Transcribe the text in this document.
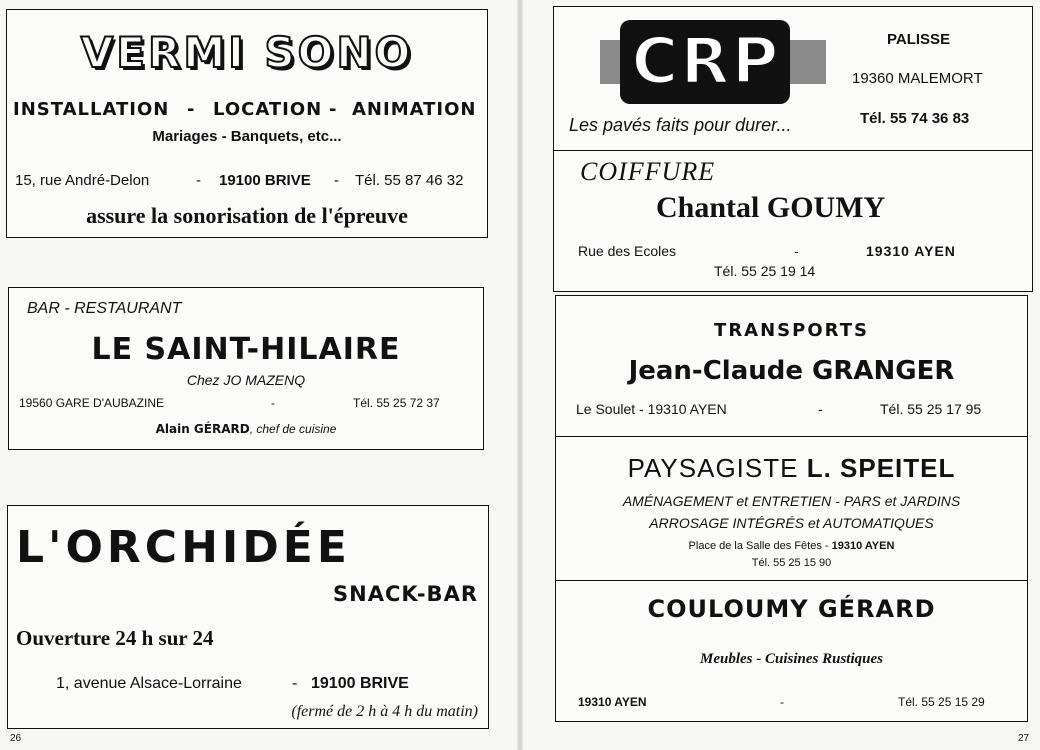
VERMI SONO
INSTALLATION - LOCATION - ANIMATION
Mariages - Banquets, etc...
15, rue André-Delon	- 19100 BRIVE - Tél. 55 87 46 32
assure la sonorisation de l'épreuve
BAR - RESTAURANT
LE SAINT-HILAIRE
Chez JO MAZENQ
19560 GARE D'AUBAZINE	-	Tél. 55 25 72 37
Alain GÉRARD, chef de cuisine
L'ORCHIDÉE
SNACK-BAR
Ouverture 24 h sur 24
1, avenue Alsace-Lorraine	- 19100 BRIVE
(fermé de 2 h à 4 h du matin)
CRP
Les pavés faits pour durer...
PALISSE
19360 MALEMORT
Tél. 55 74 36 83
COIFFURE
Chantal GOUMY
Rue des Ecoles	-	19310 AYEN
Tél. 55 25 19 14
TRANSPORTS
Jean-Claude GRANGER
Le Soulet - 19310 AYEN	-	Tél. 55 25 17 95
PAYSAGISTE L. SPEITEL
AMÉNAGEMENT et ENTRETIEN - PARS et JARDINS
ARROSAGE INTÉGRÉS et AUTOMATIQUES
Place de la Salle des Fêtes - 19310 AYEN
Tél. 55 25 15 90
COULOUMY GÉRARD
Meubles - Cuisines Rustiques
19310 AYEN	-	Tél. 55 25 15 29
26	27
